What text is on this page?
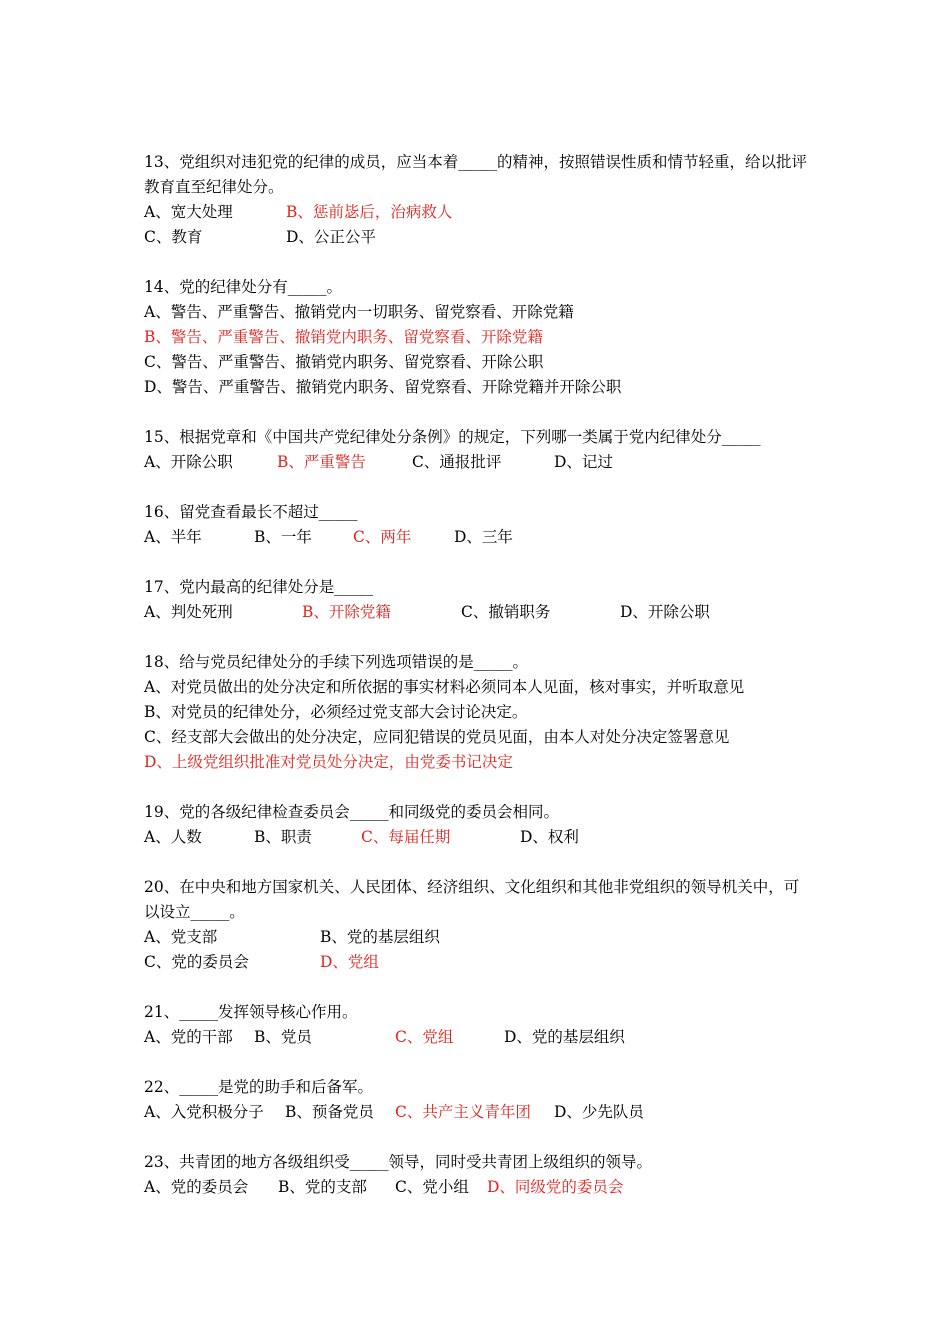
13、党组织对违犯党的纪律的成员，应当本着_____的精神，按照错误性质和情节轻重，给以批评教育直至纪律处分。
A、宽大处理	B、惩前毖后，治病救人
C、教育	D、公正公平
14、党的纪律处分有_____。
A、警告、严重警告、撤销党内一切职务、留党察看、开除党籍
B、警告、严重警告、撤销党内职务、留党察看、开除党籍
C、警告、严重警告、撤销党内职务、留党察看、开除公职
D、警告、严重警告、撤销党内职务、留党察看、开除党籍并开除公职
15、根据党章和《中国共产党纪律处分条例》的规定，下列哪一类属于党内纪律处分_____
A、开除公职	B、严重警告	C、通报批评	D、记过
16、留党查看最长不超过_____
A、半年	B、一年	C、两年	D、三年
17、党内最高的纪律处分是_____
A、判处死刑	B、开除党籍	C、撤销职务	D、开除公职
18、给与党员纪律处分的手续下列选项错误的是_____。
A、对党员做出的处分决定和所依据的事实材料必须同本人见面，核对事实，并听取意见
B、对党员的纪律处分，必须经过党支部大会讨论决定。
C、经支部大会做出的处分决定，应同犯错误的党员见面，由本人对处分决定签署意见
D、上级党组织批准对党员处分决定，由党委书记决定
19、党的各级纪律检查委员会_____和同级党的委员会相同。
A、人数	B、职责	C、每届任期	D、权利
20、在中央和地方国家机关、人民团体、经济组织、文化组织和其他非党组织的领导机关中，可以设立_____。
A、党支部	B、党的基层组织
C、党的委员会	D、党组
21、_____发挥领导核心作用。
A、党的干部 B、党员	C、党组	D、党的基层组织
22、_____是党的助手和后备军。
A、入党积极分子 B、预备党员 C、共产主义青年团 D、少先队员
23、共青团的地方各级组织受_____领导，同时受共青团上级组织的领导。
A、党的委员会 B、党的支部 C、党小组 D、同级党的委员会
